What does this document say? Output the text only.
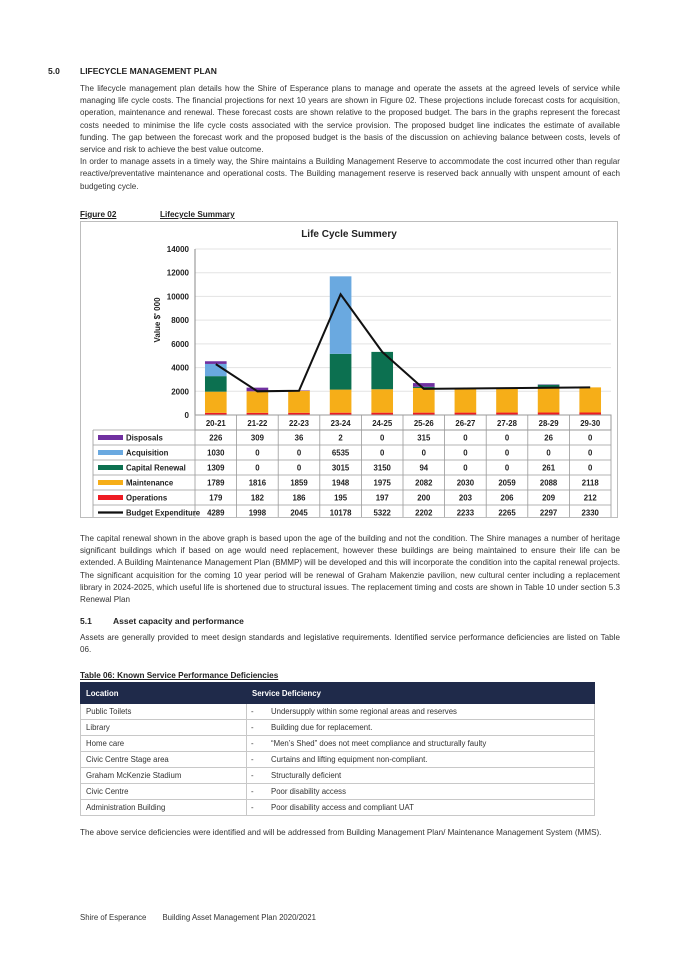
5.0 LIFECYCLE MANAGEMENT PLAN

The lifecycle management plan details how the Shire of Esperance plans to manage and operate the assets at the agreed levels of service while managing life cycle costs. The financial projections for next 10 years are shown in Figure 02. These projections include forecast costs for acquisition, operation, maintenance and renewal. These forecast costs are shown relative to the proposed budget. The bars in the graphs represent the forecast costs needed to minimise the life cycle costs associated with the service provision. The proposed budget line indicates the estimate of available funding. The gap between the forecast work and the proposed budget is the basis of the discussion on achieving balance between costs, levels of service and risk to achieve the best value outcome.

In order to manage assets in a timely way, the Shire maintains a Building Management Reserve to accommodate the cost incurred other than regular reactive/preventative maintenance and operational costs. The Building management reserve is reserved back annually with unspent amount of each budgeting cycle.

Figure 02	Lifecycle Summary
Life Cycle Summery
0
2000
4000
6000
8000
10000
12000
14000
Value $' 000
20-21	21-22	22-23	23-24	24-25	25-26	26-27	27-28	28-29	29-30
Disposals	226	309	36	2	0	315	0	0	26	0
Acquisition	1030	0	0	6535	0	0	0	0	0	0
Capital Renewal	1309	0	0	3015	3150	94	0	0	261	0
Maintenance	1789	1816	1859	1948	1975	2082	2030	2059	2088	2118
Operations	179	182	186	195	197	200	203	206	209	212
Budget Expenditure 4289	1998	2045	10178	5322	2202	2233	2265	2297	2330
The capital renewal shown in the above graph is based upon the age of the building and not the condition. The Shire manages a number of heritage significant buildings which if based on age would need replacement, however these buildings are being maintained to ensure their life can be extended. A Building Maintenance Management Plan (BMMP) will be developed and this will incorporate the condition into the capital renewal projects. The significant acquisition for the coming 10 year period will be renewal of Graham Makenzie pavilion, new cultural center including a replacement library in 2024-2025, which useful life is shortened due to structural issues. The replacement timing and costs are shown in Table 10 under section 5.3 Renewal Plan
5.1 Asset capacity and performance
Assets are generally provided to meet design standards and legislative requirements. Identified service performance deficiencies are listed on Table 06.
Table 06: Known Service Performance Deficiencies
Location	Service Deficiency
Public Toilets	- Undersupply within some regional areas and reserves
Library	- Building due for replacement.
Home care	- “Men’s Shed” does not meet compliance and structurally faulty
Civic Centre Stage area	- Curtains and lifting equipment non-compliant.
Graham McKenzie Stadium	- Structurally deficient
Civic Centre	- Poor disability access
Administration Building	- Poor disability access and compliant UAT
The above service deficiencies were identified and will be addressed from Building Management Plan/ Maintenance Management System (MMS).
Shire of Esperance Building Asset Management Plan 2020/2021
